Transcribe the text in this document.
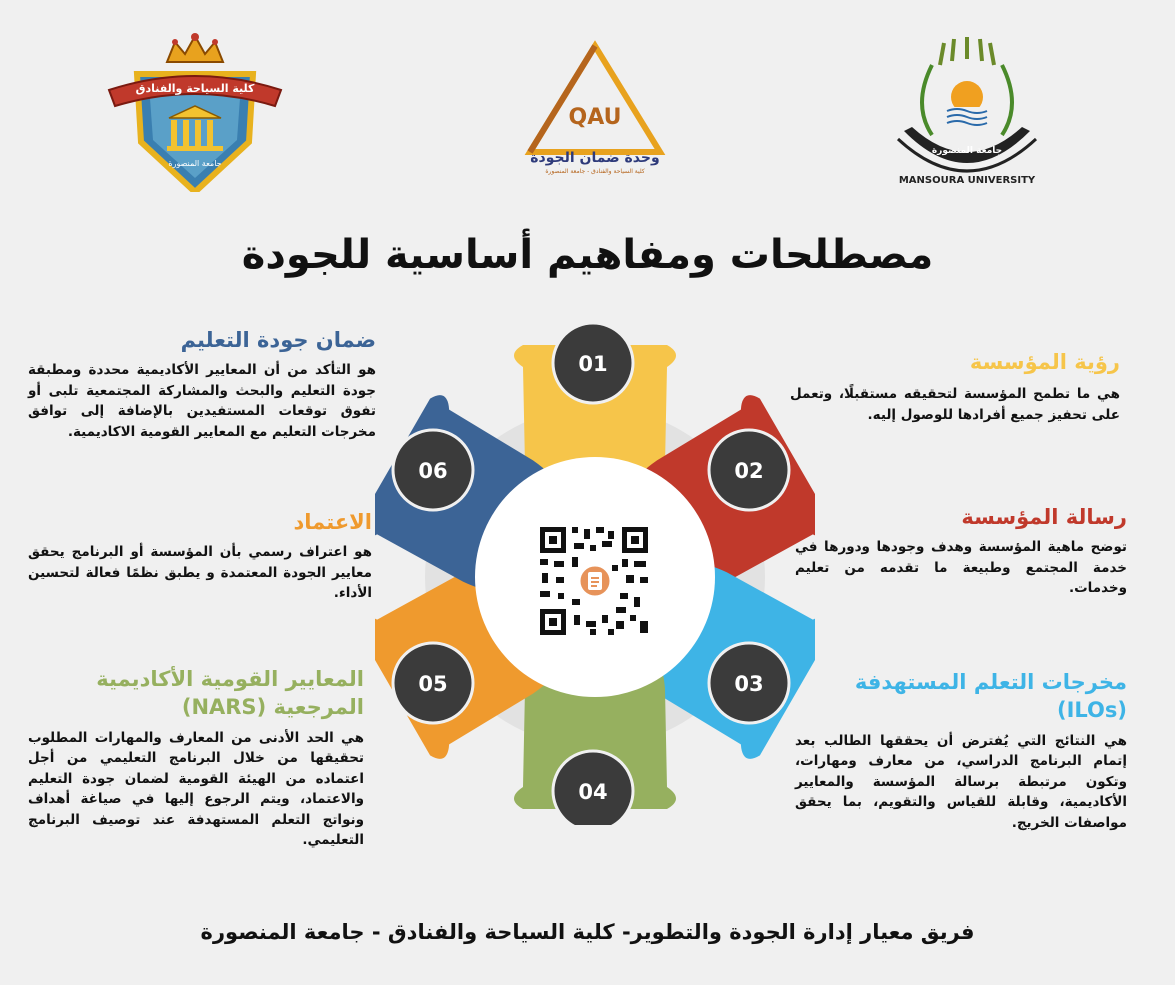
كلية السياحة والفنادق
جامعة المنصورة
QAU
وحدة ضمان الجودة
كلية السياحة والفنادق - جامعة المنصورة
جامعة المنصورة
MANSOURA UNIVERSITY
مصطلحات ومفاهيم أساسية للجودة
01
02
03
04
05
06

رؤية المؤسسة

هي ما تطمح المؤسسة لتحقيقه مستقبلًا، وتعمل على تحفيز جميع أفرادها للوصول إليه.

رسالة المؤسسة

توضح ماهية المؤسسة وهدف وجودها ودورها في خدمة المجتمع وطبيعة ما تقدمه من تعليم وخدمات.

مخرجات التعلم المستهدفة

(ILOs)

هي النتائج التي يُفترض أن يحققها الطالب بعد إتمام البرنامج الدراسي، من معارف ومهارات، وتكون مرتبطة برسالة المؤسسة والمعايير الأكاديمية، وقابلة للقياس والتقويم، بما يحقق مواصفات الخريج.

ضمان جودة التعليم

هو التأكد من أن المعايير الأكاديمية محددة ومطبقة جودة التعليم والبحث والمشاركة المجتمعية تلبى أو تفوق توقعات المستفيدين بالإضافة إلى توافق مخرجات التعليم مع المعايير القومية الاكاديمية.

الاعتماد

هو اعتراف رسمي بأن المؤسسة أو البرنامج يحقق معايير الجودة المعتمدة و يطبق نظمًا فعالة لتحسين الأداء.

المعايير القومية الأكاديمية

المرجعية (NARS)

هي الحد الأدنى من المعارف والمهارات المطلوب تحقيقها من خلال البرنامج التعليمي من أجل اعتماده من الهيئة القومية لضمان جودة التعليم والاعتماد، ويتم الرجوع إليها في صياغة أهداف ونواتج التعلم المستهدفة عند توصيف البرنامج التعليمي.

فريق معيار إدارة الجودة والتطوير- كلية السياحة والفنادق - جامعة المنصورة
